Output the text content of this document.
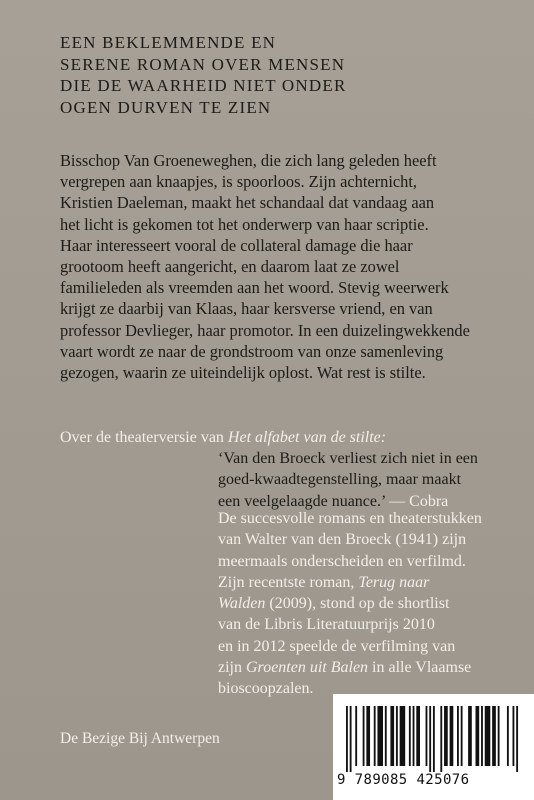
EEN BEKLEMMENDE EN
SERENE ROMAN OVER MENSEN
DIE DE WAARHEID NIET ONDER
OGEN DURVEN TE ZIEN
Bisschop Van Groeneweghen, die zich lang geleden heeft
vergrepen aan knaapjes, is spoorloos. Zijn achternicht,
Kristien Daeleman, maakt het schandaal dat vandaag aan
het licht is gekomen tot het onderwerp van haar scriptie.
Haar interesseert vooral de collateral damage die haar
grootoom heeft aangericht, en daarom laat ze zowel
familieleden als vreemden aan het woord. Stevig weerwerk
krijgt ze daarbij van Klaas, haar kersverse vriend, en van
professor Devlieger, haar promotor. In een duizelingwekkende
vaart wordt ze naar de grondstroom van onze samenleving
gezogen, waarin ze uiteindelijk oplost. Wat rest is stilte.
Over de theaterversie van Het alfabet van de stilte:
‘Van den Broeck verliest zich niet in een
goed-kwaadtegenstelling, maar maakt
een veelgelaagde nuance.’ — Cobra
De succesvolle romans en theaterstukken
van Walter van den Broeck (1941) zijn
meermaals onderscheiden en verfilmd.
Zijn recentste roman, Terug naar
Walden (2009), stond op de shortlist
van de Libris Literatuurprijs 2010
en in 2012 speelde de verfilming van
zijn Groenten uit Balen in alle Vlaamse
bioscoopzalen.
De Bezige Bij Antwerpen
9 789085 425076
